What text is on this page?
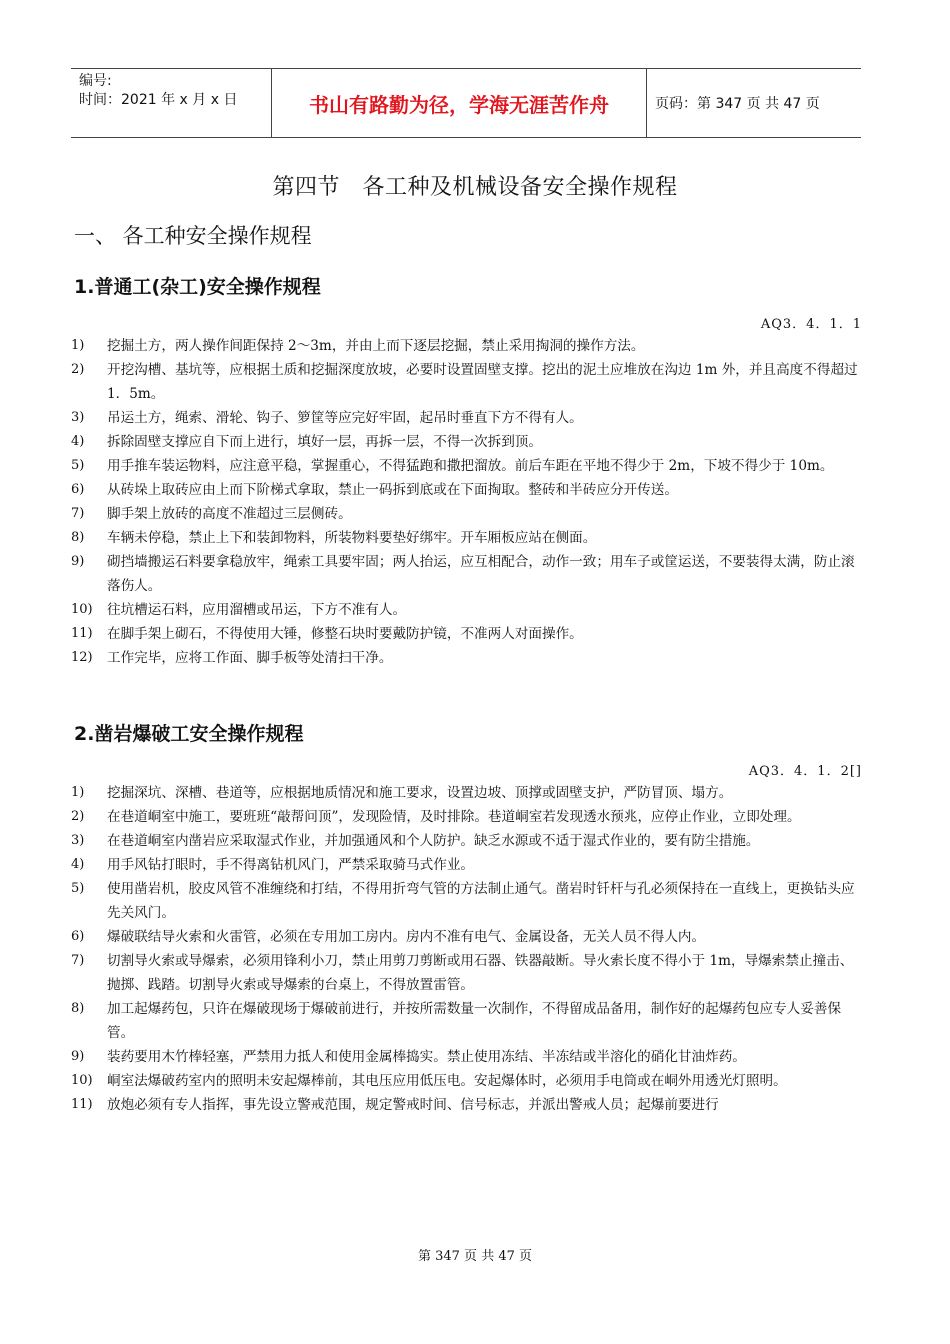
编号:
时间：2021 年 x 月 x 日	书山有路勤为径，学海无涯苦作舟	页码：第 347 页 共 47 页
第四节　各工种及机械设备安全操作规程
一、 各工种安全操作规程
1.普通工(杂工)安全操作规程
AQ3．4．1．1
1)	挖掘土方，两人操作间距保持 2～3m，并由上而下逐层挖掘，禁止采用掏洞的操作方法。
2)	开挖沟槽、基坑等，应根据土质和挖掘深度放坡，必要时设置固壁支撑。挖出的泥土应堆放在沟边 1m 外，并且高度不得超过 1．5m。
3)	吊运土方，绳索、滑轮、钩子、箩筐等应完好牢固，起吊时垂直下方不得有人。
4)	拆除固壁支撑应自下而上进行，填好一层，再拆一层，不得一次拆到顶。
5)	用手推车装运物料，应注意平稳，掌握重心，不得猛跑和撒把溜放。前后车距在平地不得少于 2m，下坡不得少于 10m。
6)	从砖垛上取砖应由上而下阶梯式拿取，禁止一码拆到底或在下面掏取。整砖和半砖应分开传送。
7)	脚手架上放砖的高度不准超过三层侧砖。
8)	车辆未停稳，禁止上下和装卸物料，所装物料要垫好绑牢。开车厢板应站在侧面。
9)	砌挡墙搬运石料要拿稳放牢，绳索工具要牢固；两人抬运，应互相配合，动作一致；用车子或筐运送，不要装得太满，防止滚落伤人。
10)	往坑槽运石料，应用溜槽或吊运，下方不准有人。
11)	在脚手架上砌石，不得使用大锤，修整石块时要戴防护镜，不准两人对面操作。
12)	工作完毕，应将工作面、脚手板等处清扫干净。
2.凿岩爆破工安全操作规程
AQ3．4．1．2[]
1)	挖掘深坑、深槽、巷道等，应根据地质情况和施工要求，设置边坡、顶撑或固壁支护，严防冒顶、塌方。
2)	在巷道峒室中施工，要班班“敲帮问顶”，发现险情，及时排除。巷道峒室若发现透水预兆，应停止作业，立即处理。
3)	在巷道峒室内凿岩应采取湿式作业，并加强通风和个人防护。缺乏水源或不适于湿式作业的，要有防尘措施。
4)	用手风钻打眼时，手不得离钻机风门，严禁采取骑马式作业。
5)	使用凿岩机，胶皮风管不准缠绕和打结，不得用折弯气管的方法制止通气。凿岩时钎杆与孔必须保持在一直线上，更换钻头应先关风门。
6)	爆破联结导火索和火雷管，必须在专用加工房内。房内不准有电气、金属设备，无关人员不得人内。
7)	切割导火索或导爆索，必须用锋利小刀，禁止用剪刀剪断或用石器、铁器敲断。导火索长度不得小于 1m，导爆索禁止撞击、抛掷、践踏。切割导火索或导爆索的台桌上，不得放置雷管。
8)	加工起爆药包，只许在爆破现场于爆破前进行，并按所需数量一次制作，不得留成品备用，制作好的起爆药包应专人妥善保管。
9)	装药要用木竹棒轻塞，严禁用力抵人和使用金属棒捣实。禁止使用冻结、半冻结或半溶化的硝化甘油炸药。
10)	峒室法爆破药室内的照明未安起爆棒前，其电压应用低压电。安起爆体时，必须用手电筒或在峒外用透光灯照明。
11)	放炮必须有专人指挥，事先设立警戒范围，规定警戒时间、信号标志，并派出警戒人员；起爆前要进行
第 347 页 共 47 页
